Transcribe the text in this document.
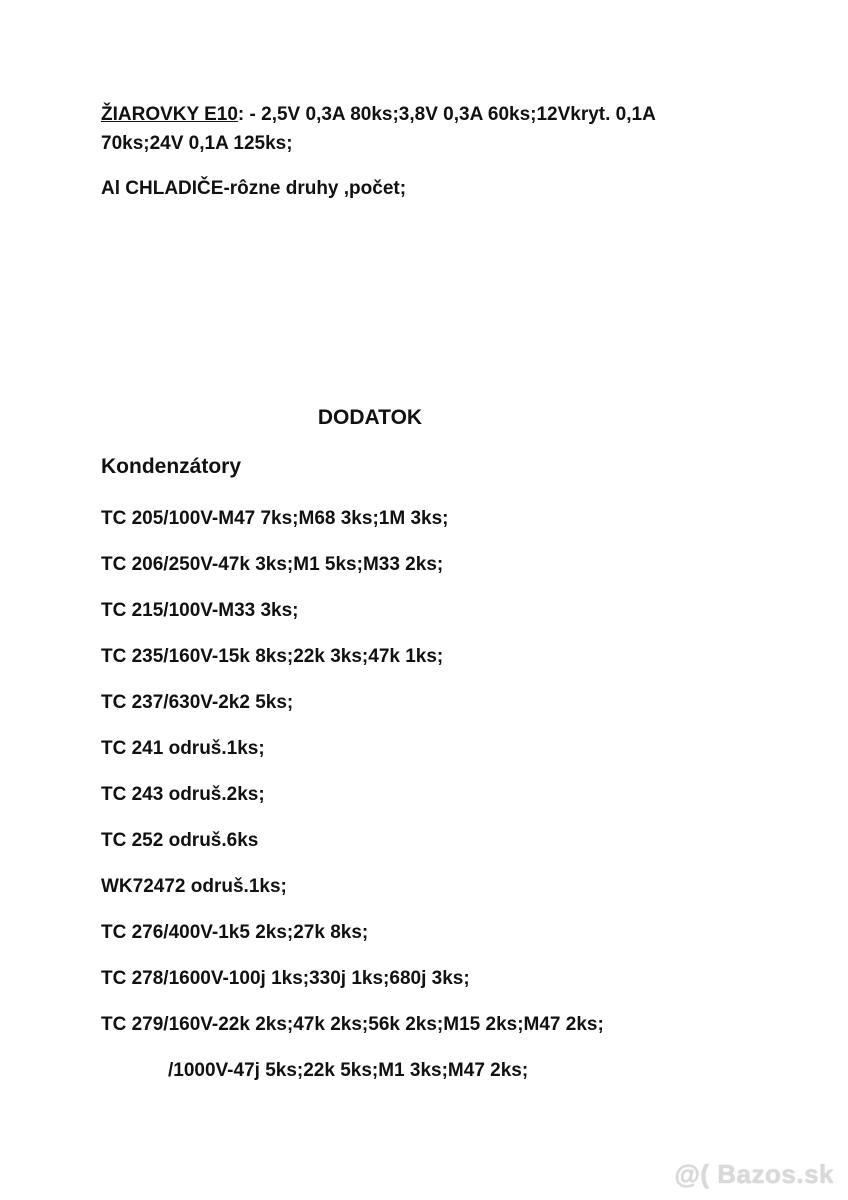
ŽIAROVKY E10: - 2,5V 0,3A 80ks;3,8V 0,3A 60ks;12Vkryt. 0,1A
70ks;24V 0,1A 125ks;
Al CHLADIČE-rôzne druhy ,počet;
DODATOK
Kondenzátory
TC 205/100V-M47 7ks;M68 3ks;1M 3ks;
TC 206/250V-47k 3ks;M1 5ks;M33 2ks;
TC 215/100V-M33 3ks;
TC 235/160V-15k 8ks;22k 3ks;47k 1ks;
TC 237/630V-2k2 5ks;
TC 241 odruš.1ks;
TC 243 odruš.2ks;
TC 252 odruš.6ks
WK72472 odruš.1ks;
TC 276/400V-1k5 2ks;27k 8ks;
TC 278/1600V-100j 1ks;330j 1ks;680j 3ks;
TC 279/160V-22k 2ks;47k 2ks;56k 2ks;M15 2ks;M47 2ks;
/1000V-47j 5ks;22k 5ks;M1 3ks;M47 2ks;
@( Bazos.sk
